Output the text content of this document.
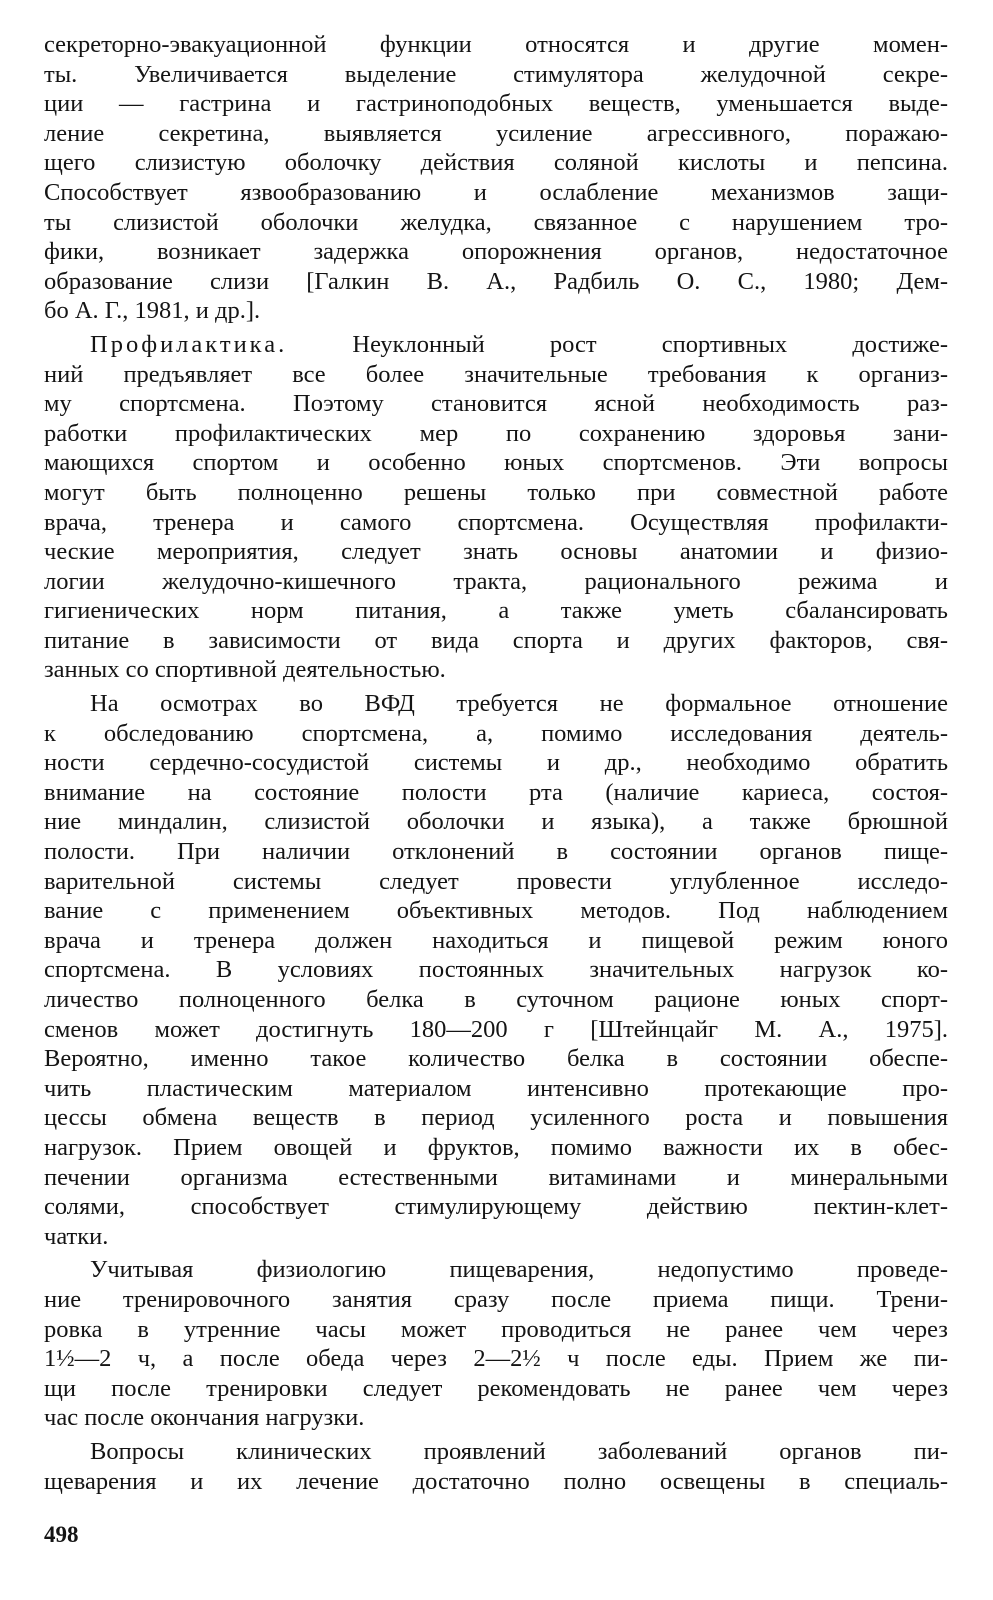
секреторно-эвакуационной функции относятся и другие момен-
ты. Увеличивается выделение стимулятора желудочной секре-
ции — гастрина и гастриноподобных веществ, уменьшается выде-
ление секретина, выявляется усиление агрессивного, поражаю-
щего слизистую оболочку действия соляной кислоты и пепсина.
Способствует язвообразованию и ослабление механизмов защи-
ты слизистой оболочки желудка, связанное с нарушением тро-
фики, возникает задержка опорожнения органов, недостаточное
образование слизи [Галкин В. А., Радбиль О. С., 1980; Дем-
бо А. Г., 1981, и др.].
Профилактика. Неуклонный рост спортивных достиже-
ний предъявляет все более значительные требования к организ-
му спортсмена. Поэтому становится ясной необходимость раз-
работки профилактических мер по сохранению здоровья зани-
мающихся спортом и особенно юных спортсменов. Эти вопросы
могут быть полноценно решены только при совместной работе
врача, тренера и самого спортсмена. Осуществляя профилакти-
ческие мероприятия, следует знать основы анатомии и физио-
логии желудочно-кишечного тракта, рационального режима и
гигиенических норм питания, а также уметь сбалансировать
питание в зависимости от вида спорта и других факторов, свя-
занных со спортивной деятельностью.
На осмотрах во ВФД требуется не формальное отношение
к обследованию спортсмена, а, помимо исследования деятель-
ности сердечно-сосудистой системы и др., необходимо обратить
внимание на состояние полости рта (наличие кариеса, состоя-
ние миндалин, слизистой оболочки и языка), а также брюшной
полости. При наличии отклонений в состоянии органов пище-
варительной системы следует провести углубленное исследо-
вание с применением объективных методов. Под наблюдением
врача и тренера должен находиться и пищевой режим юного
спортсмена. В условиях постоянных значительных нагрузок ко-
личество полноценного белка в суточном рационе юных спорт-
сменов может достигнуть 180—200 г [Штейнцайг М. А., 1975].
Вероятно, именно такое количество белка в состоянии обеспе-
чить пластическим материалом интенсивно протекающие про-
цессы обмена веществ в период усиленного роста и повышения
нагрузок. Прием овощей и фруктов, помимо важности их в обес-
печении организма естественными витаминами и минеральными
солями, способствует стимулирующему действию пектин-клет-
чатки.
Учитывая физиологию пищеварения, недопустимо проведе-
ние тренировочного занятия сразу после приема пищи. Трени-
ровка в утренние часы может проводиться не ранее чем через
1½—2 ч, а после обеда через 2—2½ ч после еды. Прием же пи-
щи после тренировки следует рекомендовать не ранее чем через
час после окончания нагрузки.
Вопросы клинических проявлений заболеваний органов пи-
щеварения и их лечение достаточно полно освещены в специаль-
498
